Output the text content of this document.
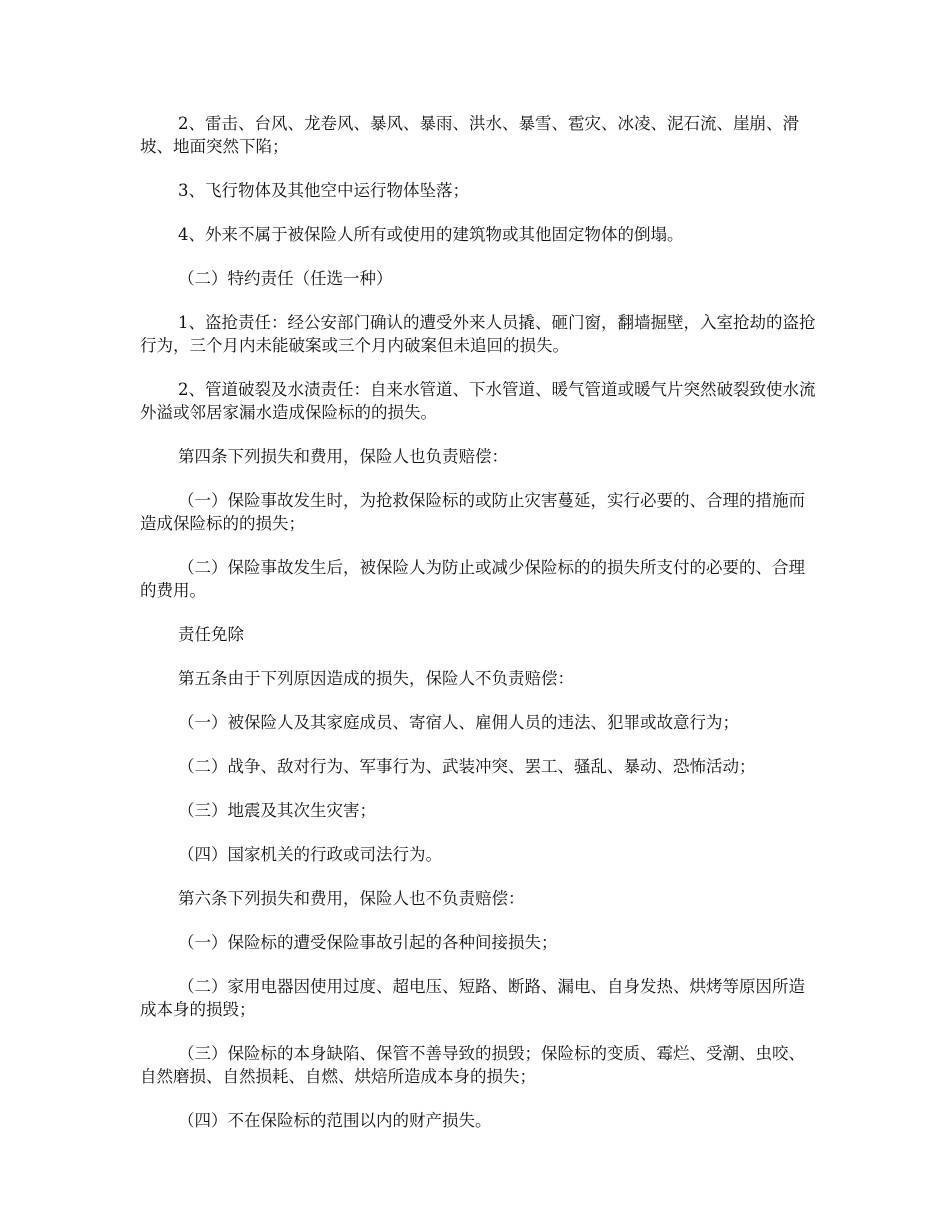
2、雷击、台风、龙卷风、暴风、暴雨、洪水、暴雪、雹灾、冰凌、泥石流、崖崩、滑坡、地面突然下陷；

3、飞行物体及其他空中运行物体坠落；

4、外来不属于被保险人所有或使用的建筑物或其他固定物体的倒塌。

（二）特约责任（任选一种）

1、盗抢责任：经公安部门确认的遭受外来人员撬、砸门窗，翻墙掘壁，入室抢劫的盗抢行为，三个月内未能破案或三个月内破案但未追回的损失。

2、管道破裂及水渍责任：自来水管道、下水管道、暖气管道或暖气片突然破裂致使水流外溢或邻居家漏水造成保险标的的损失。

第四条下列损失和费用，保险人也负责赔偿：

（一）保险事故发生时，为抢救保险标的或防止灾害蔓延，实行必要的、合理的措施而造成保险标的的损失；

（二）保险事故发生后，被保险人为防止或减少保险标的的损失所支付的必要的、合理的费用。

责任免除

第五条由于下列原因造成的损失，保险人不负责赔偿：

（一）被保险人及其家庭成员、寄宿人、雇佣人员的违法、犯罪或故意行为；

（二）战争、敌对行为、军事行为、武装冲突、罢工、骚乱、暴动、恐怖活动；

（三）地震及其次生灾害；

（四）国家机关的行政或司法行为。

第六条下列损失和费用，保险人也不负责赔偿：

（一）保险标的遭受保险事故引起的各种间接损失；

（二）家用电器因使用过度、超电压、短路、断路、漏电、自身发热、烘烤等原因所造成本身的损毁；

（三）保险标的本身缺陷、保管不善导致的损毁；保险标的变质、霉烂、受潮、虫咬、自然磨损、自然损耗、自燃、烘焙所造成本身的损失；

（四）不在保险标的范围以内的财产损失。
